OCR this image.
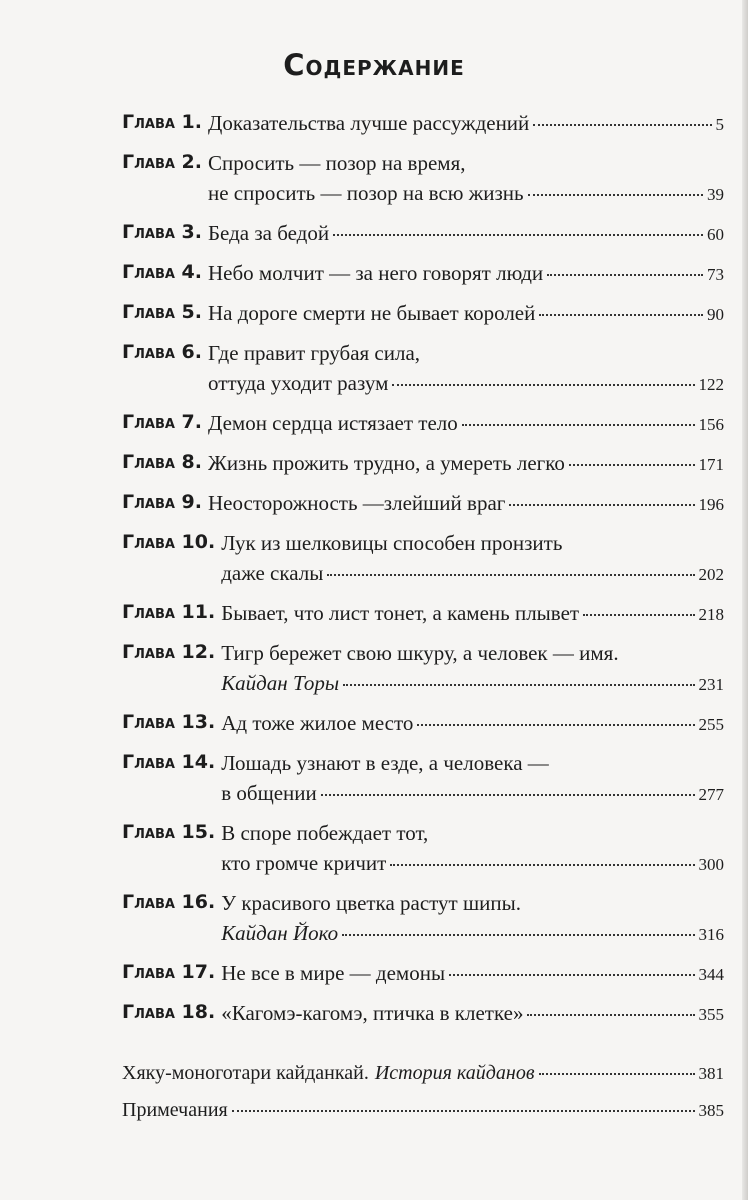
Содержание
Глава 1. Доказательства лучше рассуждений	5
Глава 2. Спросить — позор на время,
не спросить — позор на всю жизнь	39
Глава 3. Беда за бедой	60
Глава 4. Небо молчит — за него говорят люди	73
Глава 5. На дороге смерти не бывает королей	90
Глава 6. Где правит грубая сила,
оттуда уходит разум	122
Глава 7. Демон сердца истязает тело	156
Глава 8. Жизнь прожить трудно, а умереть легко	171
Глава 9. Неосторожность —злейший враг	196
Глава 10. Лук из шелковицы способен пронзить
даже скалы	202
Глава 11. Бывает, что лист тонет, а камень плывет	218
Глава 12. Тигр бережет свою шкуру, а человек — имя.
Кайдан Торы	231
Глава 13. Ад тоже жилое место	255
Глава 14. Лошадь узнают в езде, а человека —
в общении	277
Глава 15. В споре побеждает тот,
кто громче кричит	300
Глава 16. У красивого цветка растут шипы.
Кайдан Йоко	316
Глава 17. Не все в мире — демоны	344
Глава 18. «Кагомэ-кагомэ, птичка в клетке»	355
Хяку-моноготари кайданкай. История кайданов	381
Примечания	385
